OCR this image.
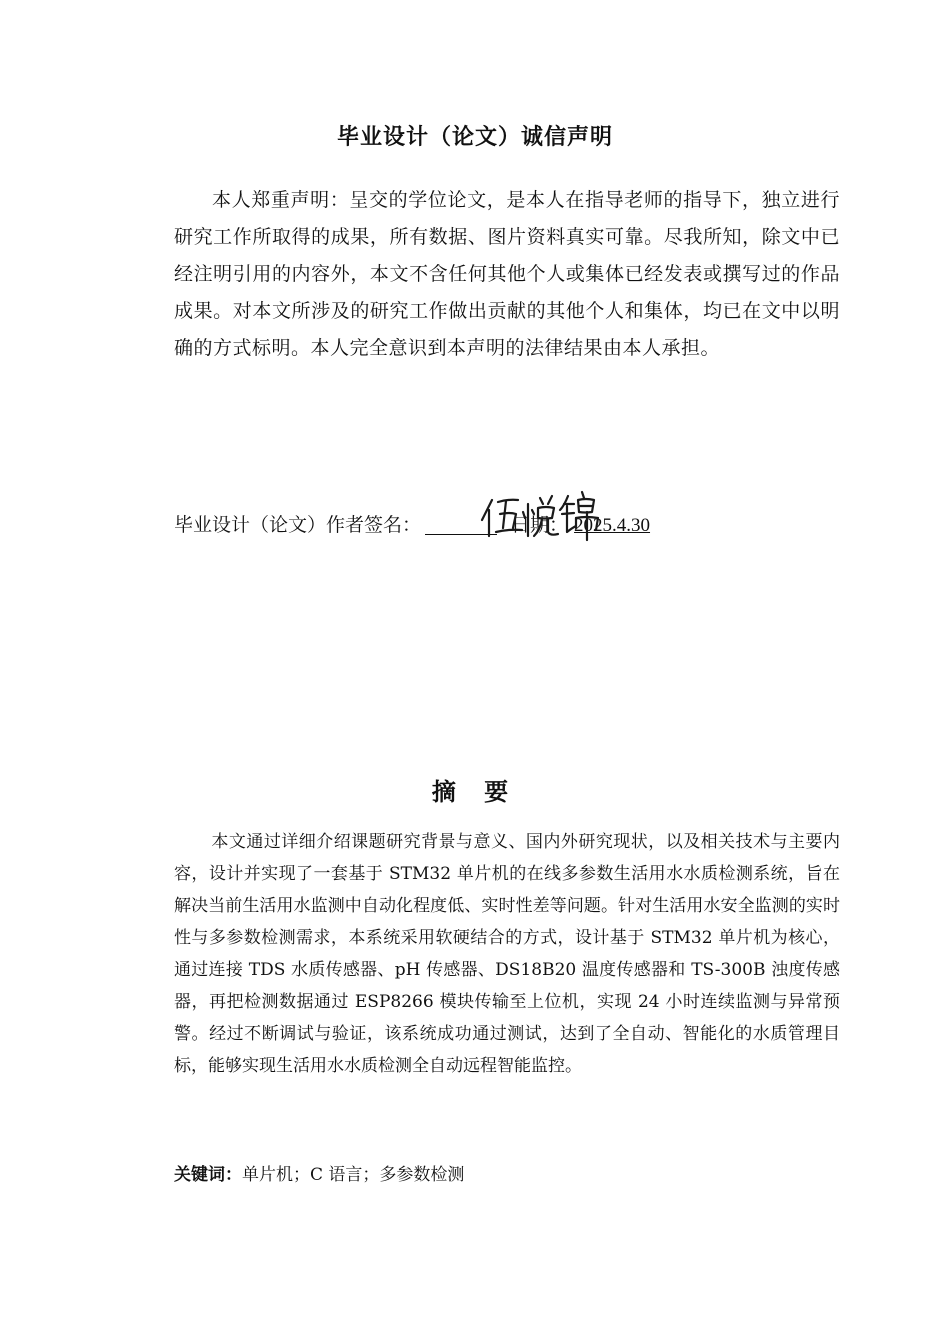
毕业设计（论文）诚信声明
本人郑重声明：呈交的学位论文，是本人在指导老师的指导下，独立进行研究工作所取得的成果，所有数据、图片资料真实可靠。尽我所知，除文中已经注明引用的内容外，本文不含任何其他个人或集体已经发表或撰写过的作品成果。对本文所涉及的研究工作做出贡献的其他个人和集体，均已在文中以明确的方式标明。本人完全意识到本声明的法律结果由本人承担。
毕业设计（论文）作者签名：	日期： 2025.4.30
摘 要
本文通过详细介绍课题研究背景与意义、国内外研究现状，以及相关技术与主要内容，设计并实现了一套基于 STM32 单片机的在线多参数生活用水水质检测系统，旨在解决当前生活用水监测中自动化程度低、实时性差等问题。针对生活用水安全监测的实时性与多参数检测需求，本系统采用软硬结合的方式，设计基于 STM32 单片机为核心，通过连接 TDS 水质传感器、pH 传感器、DS18B20 温度传感器和 TS-300B 浊度传感器，再把检测数据通过 ESP8266 模块传输至上位机，实现 24 小时连续监测与异常预警。经过不断调试与验证，该系统成功通过测试，达到了全自动、智能化的水质管理目标，能够实现生活用水水质检测全自动远程智能监控。
关键词：单片机；C 语言；多参数检测
